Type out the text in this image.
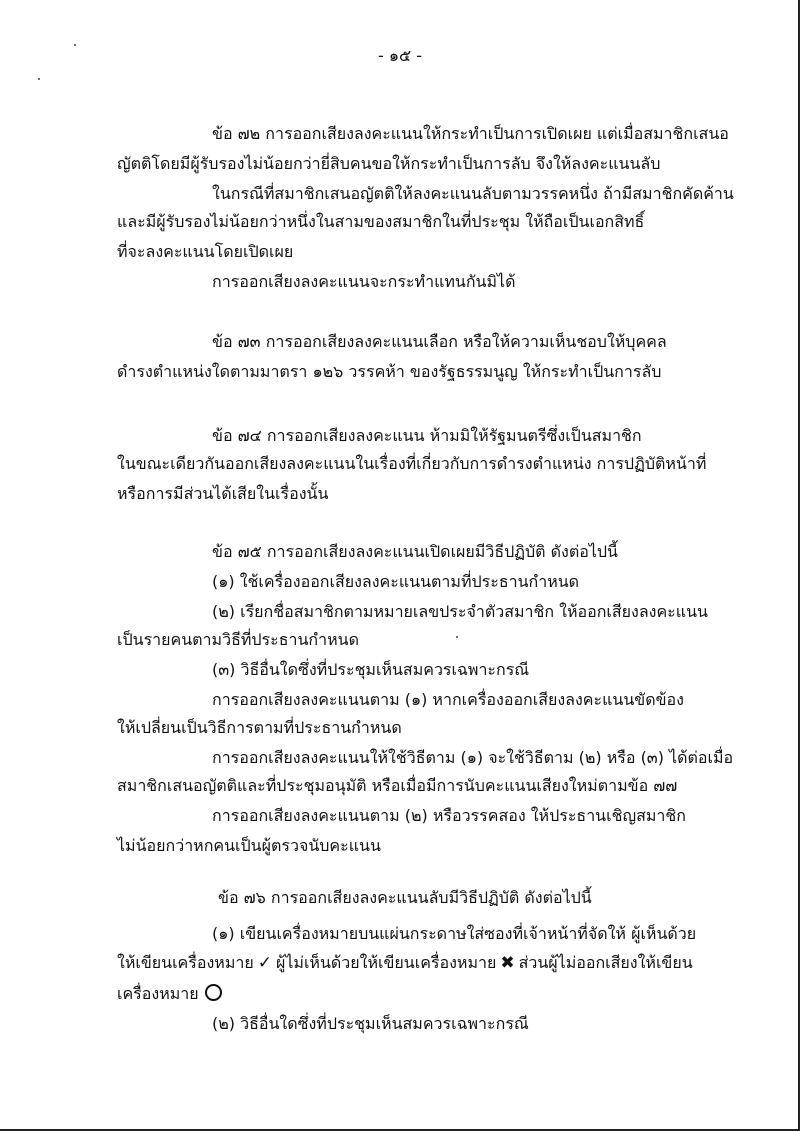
- ๑๕ -
ข้อ ๗๒ การออกเสียงลงคะแนนให้กระทำเป็นการเปิดเผย แต่เมื่อสมาชิกเสนอ
ญัตติโดยมีผู้รับรองไม่น้อยกว่ายี่สิบคนขอให้กระทำเป็นการลับ จึงให้ลงคะแนนลับ
ในกรณีที่สมาชิกเสนอญัตติให้ลงคะแนนลับตามวรรคหนึ่ง ถ้ามีสมาชิกคัดค้าน
และมีผู้รับรองไม่น้อยกว่าหนึ่งในสามของสมาชิกในที่ประชุม ให้ถือเป็นเอกสิทธิ์
ที่จะลงคะแนนโดยเปิดเผย
การออกเสียงลงคะแนนจะกระทำแทนกันมิได้
ข้อ ๗๓ การออกเสียงลงคะแนนเลือก หรือให้ความเห็นชอบให้บุคคล
ดำรงตำแหน่งใดตามมาตรา ๑๒๖ วรรคห้า ของรัฐธรรมนูญ ให้กระทำเป็นการลับ
ข้อ ๗๔ การออกเสียงลงคะแนน ห้ามมิให้รัฐมนตรีซึ่งเป็นสมาชิก
ในขณะเดียวกันออกเสียงลงคะแนนในเรื่องที่เกี่ยวกับการดำรงตำแหน่ง การปฏิบัติหน้าที่
หรือการมีส่วนได้เสียในเรื่องนั้น
ข้อ ๗๕ การออกเสียงลงคะแนนเปิดเผยมีวิธีปฏิบัติ ดังต่อไปนี้
(๑) ใช้เครื่องออกเสียงลงคะแนนตามที่ประธานกำหนด
(๒) เรียกชื่อสมาชิกตามหมายเลขประจำตัวสมาชิก ให้ออกเสียงลงคะแนน
เป็นรายคนตามวิธีที่ประธานกำหนด
(๓) วิธีอื่นใดซึ่งที่ประชุมเห็นสมควรเฉพาะกรณี
การออกเสียงลงคะแนนตาม (๑) หากเครื่องออกเสียงลงคะแนนขัดข้อง
ให้เปลี่ยนเป็นวิธีการตามที่ประธานกำหนด
การออกเสียงลงคะแนนให้ใช้วิธีตาม (๑) จะใช้วิธีตาม (๒) หรือ (๓) ได้ต่อเมื่อ
สมาชิกเสนอญัตติและที่ประชุมอนุมัติ หรือเมื่อมีการนับคะแนนเสียงใหม่ตามข้อ ๗๗
การออกเสียงลงคะแนนตาม (๒) หรือวรรคสอง ให้ประธานเชิญสมาชิก
ไม่น้อยกว่าหกคนเป็นผู้ตรวจนับคะแนน
ข้อ ๗๖ การออกเสียงลงคะแนนลับมีวิธีปฏิบัติ ดังต่อไปนี้
(๑) เขียนเครื่องหมายบนแผ่นกระดาษใส่ซองที่เจ้าหน้าที่จัดให้ ผู้เห็นด้วย
ให้เขียนเครื่องหมาย ✓ ผู้ไม่เห็นด้วยให้เขียนเครื่องหมาย ✖ ส่วนผู้ไม่ออกเสียงให้เขียน
เครื่องหมาย
(๒) วิธีอื่นใดซึ่งที่ประชุมเห็นสมควรเฉพาะกรณี
